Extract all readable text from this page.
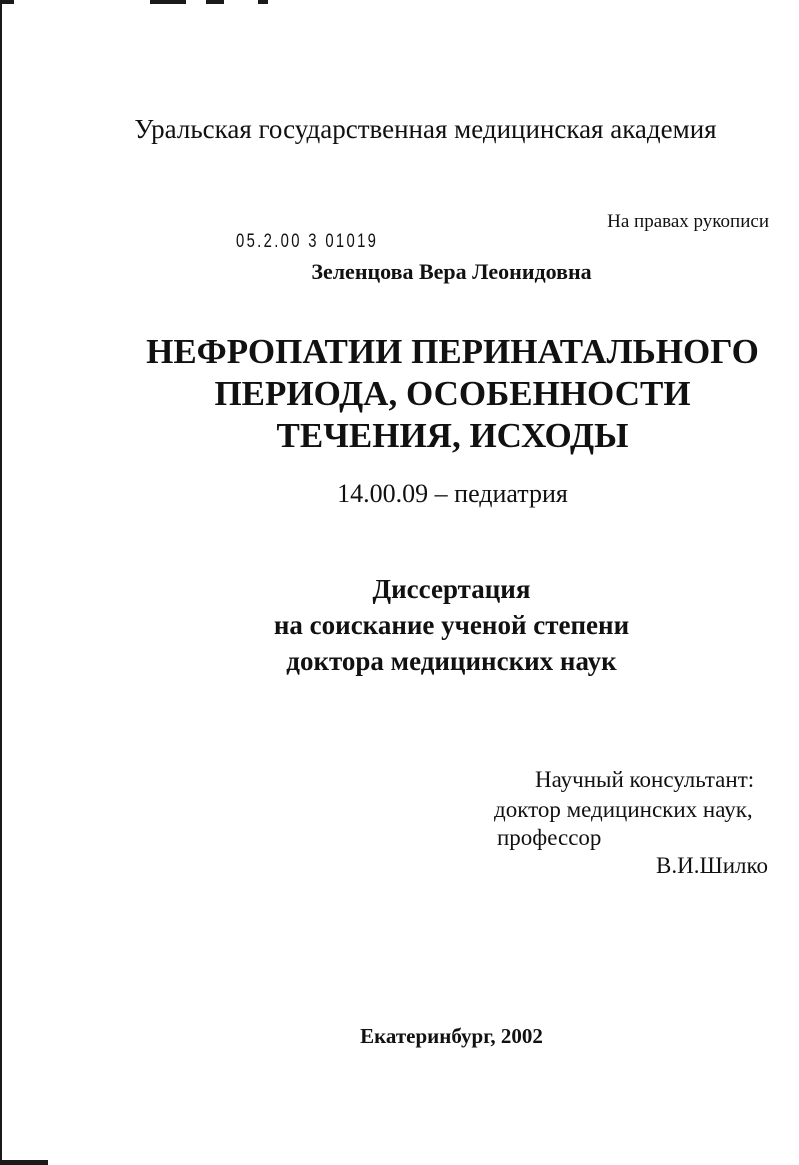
Уральская государственная медицинская академия
На правах рукописи
05.2.00 3 01019
Зеленцова Вера Леонидовна
НЕФРОПАТИИ ПЕРИНАТАЛЬНОГО
ПЕРИОДА, ОСОБЕННОСТИ
ТЕЧЕНИЯ, ИСХОДЫ
14.00.09 – педиатрия
Диссертация
на соискание ученой степени
доктора медицинских наук
Научный консультант:
доктор медицинских наук,
профессор
В.И.Шилко
Екатеринбург, 2002
